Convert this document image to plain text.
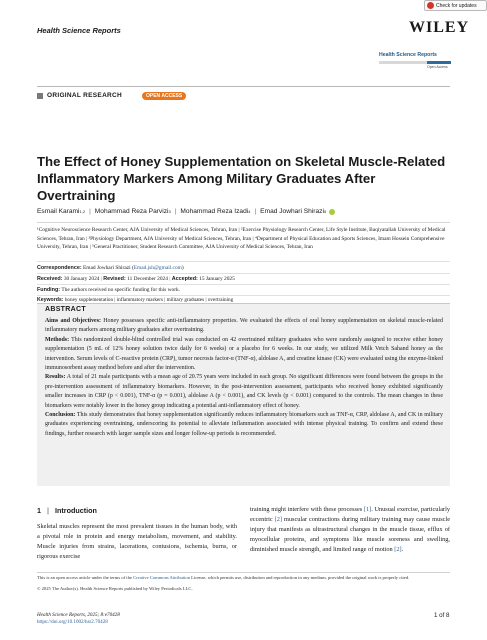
Health Science Reports
Check for updates
WILEY
Health Science Reports
Open Access
ORIGINAL RESEARCH	OPEN ACCESS
The Effect of Honey Supplementation on Skeletal Muscle-Related Inflammatory Markers Among Military Graduates After Overtraining
Esmail Karami 1,2 | Mohammad Reza Parvizi 3 | Mohammad Reza Izadi 4 | Emad Jowhari Shirazi 5
¹Cognitive Neuroscience Research Center, AJA University of Medical Sciences, Tehran, Iran | ²Exercise Physiology Research Center, Life Style Institute, Baqiyatallah University of Medical Sciences, Tehran, Iran | ³Physiology Department, AJA University of Medical Sciences, Tehran, Iran | ⁴Department of Physical Education and Sports Sciences, Imam Hossein Comprehensive University, Tehran, Iran | ⁵General Practitioner, Student Research Committee, AJA University of Medical Sciences, Tehran, Iran
Correspondence: Emad Jowhari Shirazi (Emad.jsh@gmail.com)
Received: 30 January 2024 | Revised: 11 December 2024 | Accepted: 15 January 2025
Funding: The authors received no specific funding for this work.
Keywords: honey supplementation | inflammatory markers | military graduates | overtraining
ABSTRACT

Aims and Objectives: Honey possesses specific anti-inflammatory properties. We evaluated the effects of oral honey supplementation on skeletal muscle-related inflammatory markers among military graduates after overtraining.

Methods: This randomized double-blind controlled trial was conducted on 42 overtrained military graduates who were randomly assigned to receive either honey supplementation (5 mL of 12% honey solution twice daily for 6 weeks) or a placebo for 6 weeks. In our study, we utilized Milk Vetch Sahand honey as the intervention. Serum levels of C-reactive protein (CRP), tumor necrosis factor-α (TNF-α), aldolase A, and creatine kinase (CK) were evaluated using the enzyme-linked immunosorbent assay method before and after the intervention.

Results: A total of 21 male participants with a mean age of 20.75 years were included in each group. No significant differences were found between the groups in the pre-intervention assessment of inflammatory biomarkers. However, in the post-intervention assessment, participants who received honey exhibited significantly smaller increases in CRP (p < 0.001), TNF-α (p = 0.001), aldolase A (p < 0.001), and CK levels (p < 0.001) compared to the controls. The mean changes in these biomarkers were notably lower in the honey group indicating a potential anti-inflammatory effect of honey.

Conclusion: This study demonstrates that honey supplementation significantly reduces inflammatory biomarkers such as TNF-α, CRP, aldolase A, and CK in military graduates experiencing overtraining, underscoring its potential to alleviate inflammation associated with intense physical training. To confirm and extend these findings, further research with larger sample sizes and longer follow-up periods is recommended.

1 | Introduction
Skeletal muscles represent the most prevalent tissues in the human body, with a pivotal role in protein and energy metabolism, movement, and stability. Muscle injuries from strains, lacerations, contusions, ischemia, burns, or rigorous exercise
training might interfere with these processes [1]. Unusual exercise, particularly eccentric [2] muscular contractions during military training may cause muscle injury that manifests as ultrastructural changes in the muscle tissue, efflux of myocellular proteins, and symptoms like muscle soreness and swelling, diminished muscle strength, and limited range of motion [2].
This is an open access article under the terms of the Creative Commons Attribution License, which permits use, distribution and reproduction in any medium, provided the original work is properly cited.
© 2025 The Author(s). Health Science Reports published by Wiley Periodicals LLC.
Health Science Reports, 2025; 8:e70428
https://doi.org/10.1002/hsr2.70428
1 of 8
